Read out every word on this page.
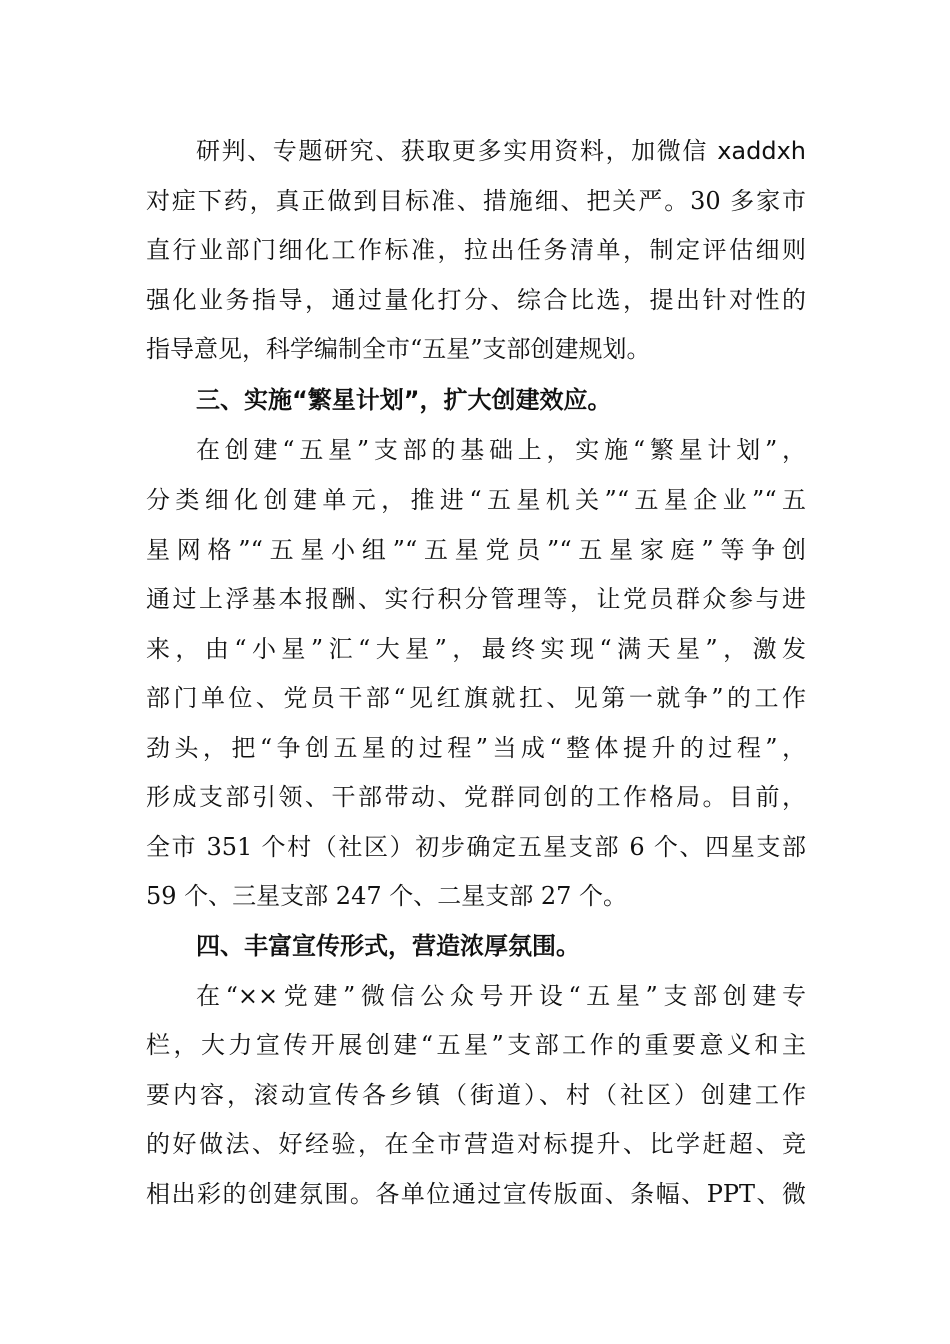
研判、专题研究、获取更多实用资料，加微信 xaddxh
对症下药，真正做到目标准、措施细、把关严。30 多家市
直行业部门细化工作标准，拉出任务清单，制定评估细则
强化业务指导，通过量化打分、综合比选，提出针对性的
指导意见，科学编制全市“五星”支部创建规划。
三、实施“繁星计划”，扩大创建效应。
在创建“五星”支部的基础上，实施“繁星计划”，
分类细化创建单元，推进“五星机关”“五星企业”“五
星网格”“五星小组”“五星党员”“五星家庭”等争创
通过上浮基本报酬、实行积分管理等，让党员群众参与进
来，由“小星”汇“大星”，最终实现“满天星”，激发
部门单位、党员干部“见红旗就扛、见第一就争”的工作
劲头，把“争创五星的过程”当成“整体提升的过程”，
形成支部引领、干部带动、党群同创的工作格局。目前，
全市 351 个村（社区）初步确定五星支部 6 个、四星支部
59 个、三星支部 247 个、二星支部 27 个。
四、丰富宣传形式，营造浓厚氛围。
在“××党建”微信公众号开设“五星”支部创建专
栏，大力宣传开展创建“五星”支部工作的重要意义和主
要内容，滚动宣传各乡镇（街道）、村（社区）创建工作
的好做法、好经验，在全市营造对标提升、比学赶超、竞
相出彩的创建氛围。各单位通过宣传版面、条幅、PPT、微
